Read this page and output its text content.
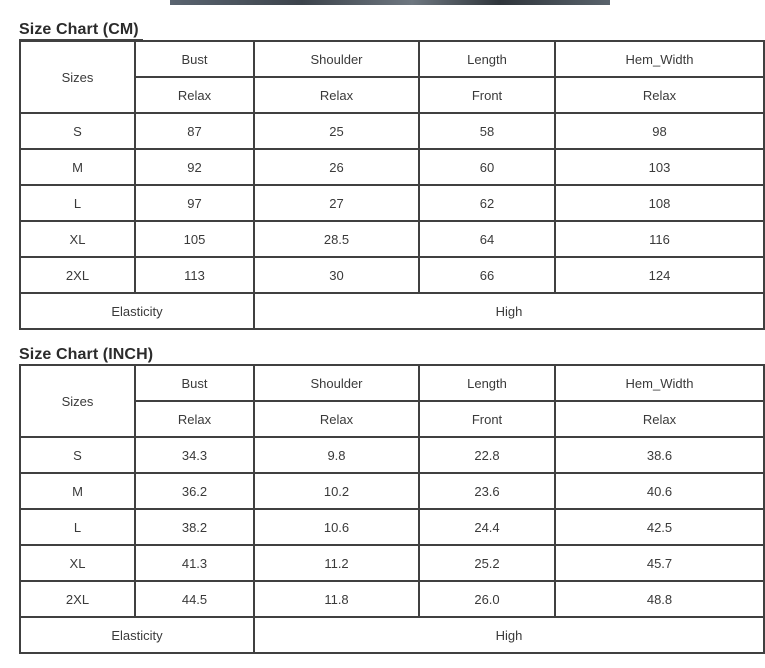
Size Chart (CM)
Sizes	Bust	Shoulder	Length	Hem_Width
	Relax	Relax	Front	Relax
S	87	25	58	98
M	92	26	60	103
L	97	27	62	108
XL	105	28.5	64	116
2XL	113	30	66	124
Elasticity		High		
Size Chart (INCH)
Sizes	Bust	Shoulder	Length	Hem_Width
	Relax	Relax	Front	Relax
S	34.3	9.8	22.8	38.6
M	36.2	10.2	23.6	40.6
L	38.2	10.6	24.4	42.5
XL	41.3	11.2	25.2	45.7
2XL	44.5	11.8	26.0	48.8
Elasticity		High		
